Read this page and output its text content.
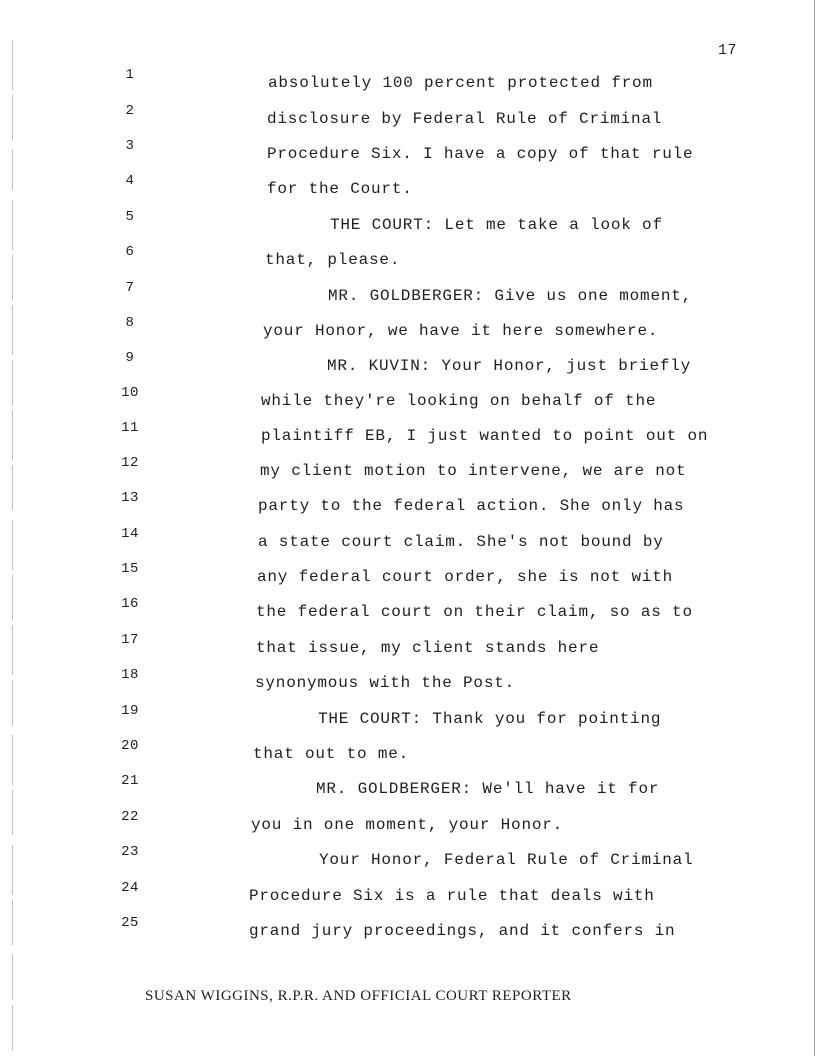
17
1	absolutely 100 percent protected from
2	disclosure by Federal Rule of Criminal
3	Procedure Six. I have a copy of that rule
4	for the Court.
5	THE COURT: Let me take a look of
6	that, please.
7	MR. GOLDBERGER: Give us one moment,
8	your Honor, we have it here somewhere.
9	MR. KUVIN: Your Honor, just briefly
10	while they're looking on behalf of the
11	plaintiff EB, I just wanted to point out on
12	my client motion to intervene, we are not
13	party to the federal action. She only has
14	a state court claim. She's not bound by
15	any federal court order, she is not with
16	the federal court on their claim, so as to
17	that issue, my client stands here
18	synonymous with the Post.
19	THE COURT: Thank you for pointing
20	that out to me.
21	MR. GOLDBERGER: We'll have it for
22	you in one moment, your Honor.
23	Your Honor, Federal Rule of Criminal
24	Procedure Six is a rule that deals with
25	grand jury proceedings, and it confers in
SUSAN WIGGINS, R.P.R. AND OFFICIAL COURT REPORTER
